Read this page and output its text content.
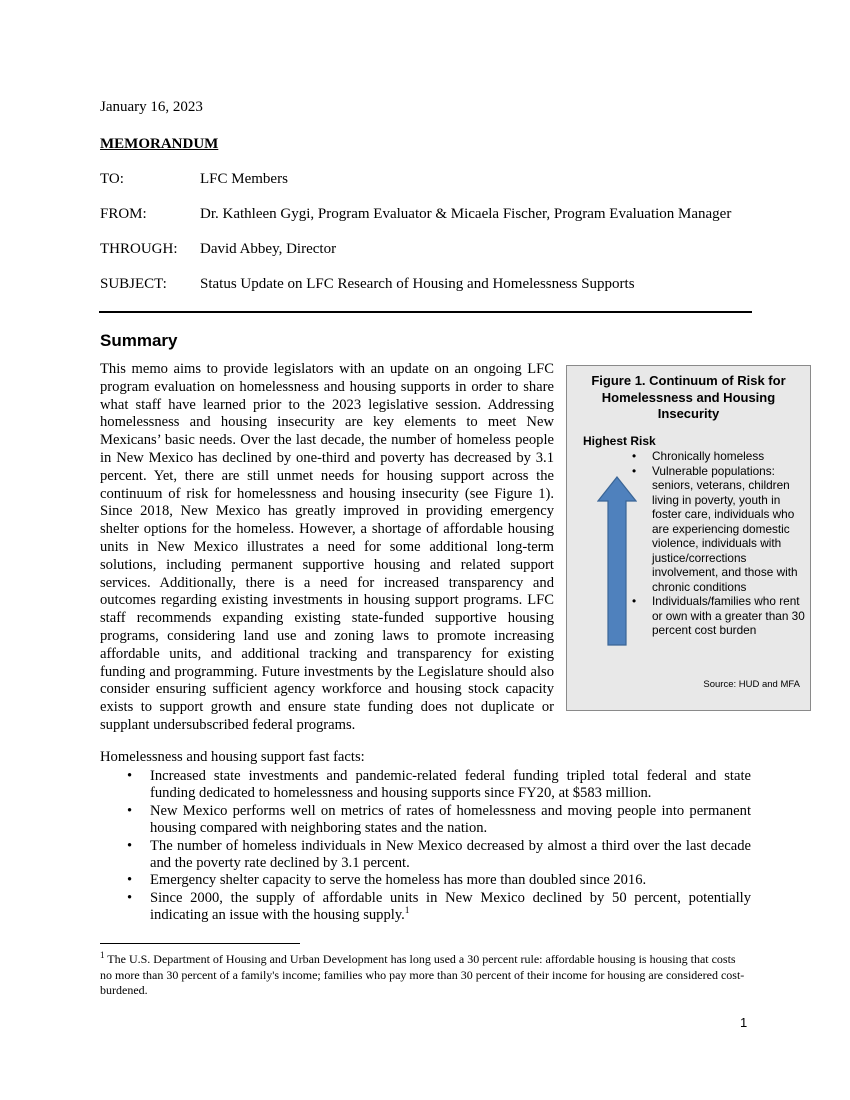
January 16, 2023
MEMORANDUM
TO:	LFC Members
FROM:	Dr. Kathleen Gygi, Program Evaluator & Micaela Fischer, Program Evaluation Manager
THROUGH:	David Abbey, Director
SUBJECT:	Status Update on LFC Research of Housing and Homelessness Supports
Summary
This memo aims to provide legislators with an update on an ongoing LFC program evaluation on homelessness and housing supports in order to share what staff have learned prior to the 2023 legislative session. Addressing homelessness and housing insecurity are key elements to meet New Mexicans’ basic needs. Over the last decade, the number of homeless people in New Mexico has declined by one-third and poverty has decreased by 3.1 percent. Yet, there are still unmet needs for housing support across the continuum of risk for homelessness and housing insecurity (see Figure 1). Since 2018, New Mexico has greatly improved in providing emergency shelter options for the homeless. However, a shortage of affordable housing units in New Mexico illustrates a need for some additional long-term solutions, including permanent supportive housing and related support services. Additionally, there is a need for increased transparency and outcomes regarding existing investments in housing support programs. LFC staff recommends expanding existing state-funded supportive housing programs, considering land use and zoning laws to promote increasing affordable units, and additional tracking and transparency for existing funding and programming. Future investments by the Legislature should also consider ensuring sufficient agency workforce and housing stock capacity exists to support growth and ensure state funding does not duplicate or supplant undersubscribed federal programs.
Figure 1. Continuum of Risk for Homelessness and Housing Insecurity
Highest Risk
• Chronically homeless
• Vulnerable populations: seniors, veterans, children living in poverty, youth in foster care, individuals who are experiencing domestic violence, individuals with justice/corrections involvement, and those with chronic conditions
• Individuals/families who rent or own with a greater than 30 percent cost burden
Source: HUD and MFA
Homelessness and housing support fast facts:
• Increased state investments and pandemic-related federal funding tripled total federal and state funding dedicated to homelessness and housing supports since FY20, at $583 million.
• New Mexico performs well on metrics of rates of homelessness and moving people into permanent housing compared with neighboring states and the nation.
• The number of homeless individuals in New Mexico decreased by almost a third over the last decade and the poverty rate declined by 3.1 percent.
• Emergency shelter capacity to serve the homeless has more than doubled since 2016.
• Since 2000, the supply of affordable units in New Mexico declined by 50 percent, potentially indicating an issue with the housing supply.$^1$
$^1$ The U.S. Department of Housing and Urban Development has long used a 30 percent rule: affordable housing is housing that costs no more than 30 percent of a family's income; families who pay more than 30 percent of their income for housing are considered cost-burdened.
1
